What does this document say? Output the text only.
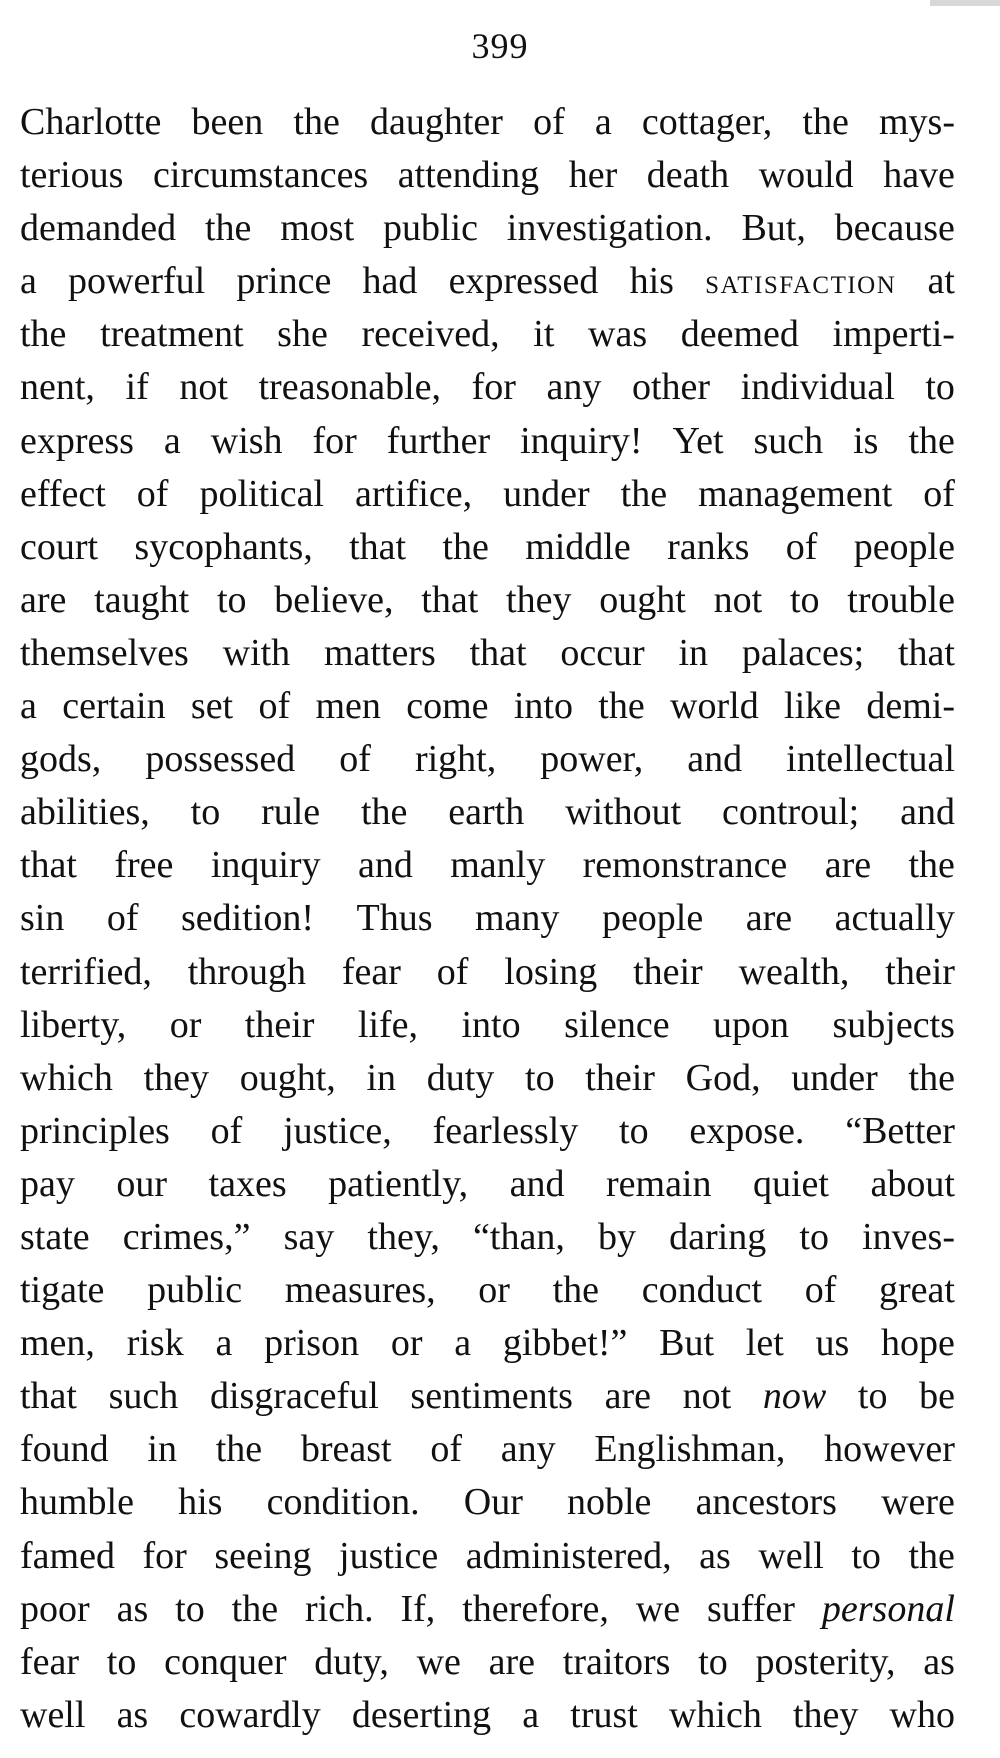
399
Charlotte been the daughter of a cottager, the mys-
terious circumstances attending her death would have
demanded the most public investigation. But, because
a powerful prince had expressed his satisfaction at
the treatment she received, it was deemed imperti-
nent, if not treasonable, for any other individual to
express a wish for further inquiry! Yet such is the
effect of political artifice, under the management of
court sycophants, that the middle ranks of people
are taught to believe, that they ought not to trouble
themselves with matters that occur in palaces; that
a certain set of men come into the world like demi-
gods, possessed of right, power, and intellectual
abilities, to rule the earth without controul; and
that free inquiry and manly remonstrance are the
sin of sedition! Thus many people are actually
terrified, through fear of losing their wealth, their
liberty, or their life, into silence upon subjects
which they ought, in duty to their God, under the
principles of justice, fearlessly to expose. “Better
pay our taxes patiently, and remain quiet about
state crimes,” say they, “than, by daring to inves-
tigate public measures, or the conduct of great
men, risk a prison or a gibbet!” But let us hope
that such disgraceful sentiments are not now to be
found in the breast of any Englishman, however
humble his condition. Our noble ancestors were
famed for seeing justice administered, as well to the
poor as to the rich. If, therefore, we suffer personal
fear to conquer duty, we are traitors to posterity, as
well as cowardly deserting a trust which they who
